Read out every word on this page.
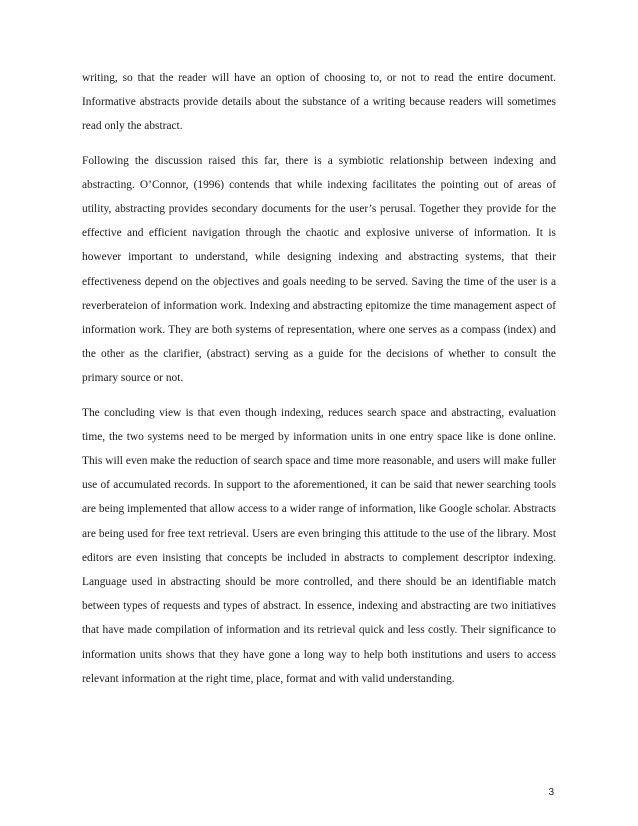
writing, so that the reader will have an option of choosing to, or not to read the entire document. Informative abstracts provide details about the substance of a writing because readers will sometimes read only the abstract.

Following the discussion raised this far, there is a symbiotic relationship between indexing and abstracting. O’Connor, (1996) contends that while indexing facilitates the pointing out of areas of utility, abstracting provides secondary documents for the user’s perusal. Together they provide for the effective and efficient navigation through the chaotic and explosive universe of information. It is however important to understand, while designing indexing and abstracting systems, that their effectiveness depend on the objectives and goals needing to be served. Saving the time of the user is a reverberateion of information work. Indexing and abstracting epitomize the time management aspect of information work. They are both systems of representation, where one serves as a compass (index) and the other as the clarifier, (abstract) serving as a guide for the decisions of whether to consult the primary source or not.

The concluding view is that even though indexing, reduces search space and abstracting, evaluation time, the two systems need to be merged by information units in one entry space like is done online. This will even make the reduction of search space and time more reasonable, and users will make fuller use of accumulated records. In support to the aforementioned, it can be said that newer searching tools are being implemented that allow access to a wider range of information, like Google scholar. Abstracts are being used for free text retrieval. Users are even bringing this attitude to the use of the library. Most editors are even insisting that concepts be included in abstracts to complement descriptor indexing. Language used in abstracting should be more controlled, and there should be an identifiable match between types of requests and types of abstract. In essence, indexing and abstracting are two initiatives that have made compilation of information and its retrieval quick and less costly. Their significance to information units shows that they have gone a long way to help both institutions and users to access relevant information at the right time, place, format and with valid understanding.

3
